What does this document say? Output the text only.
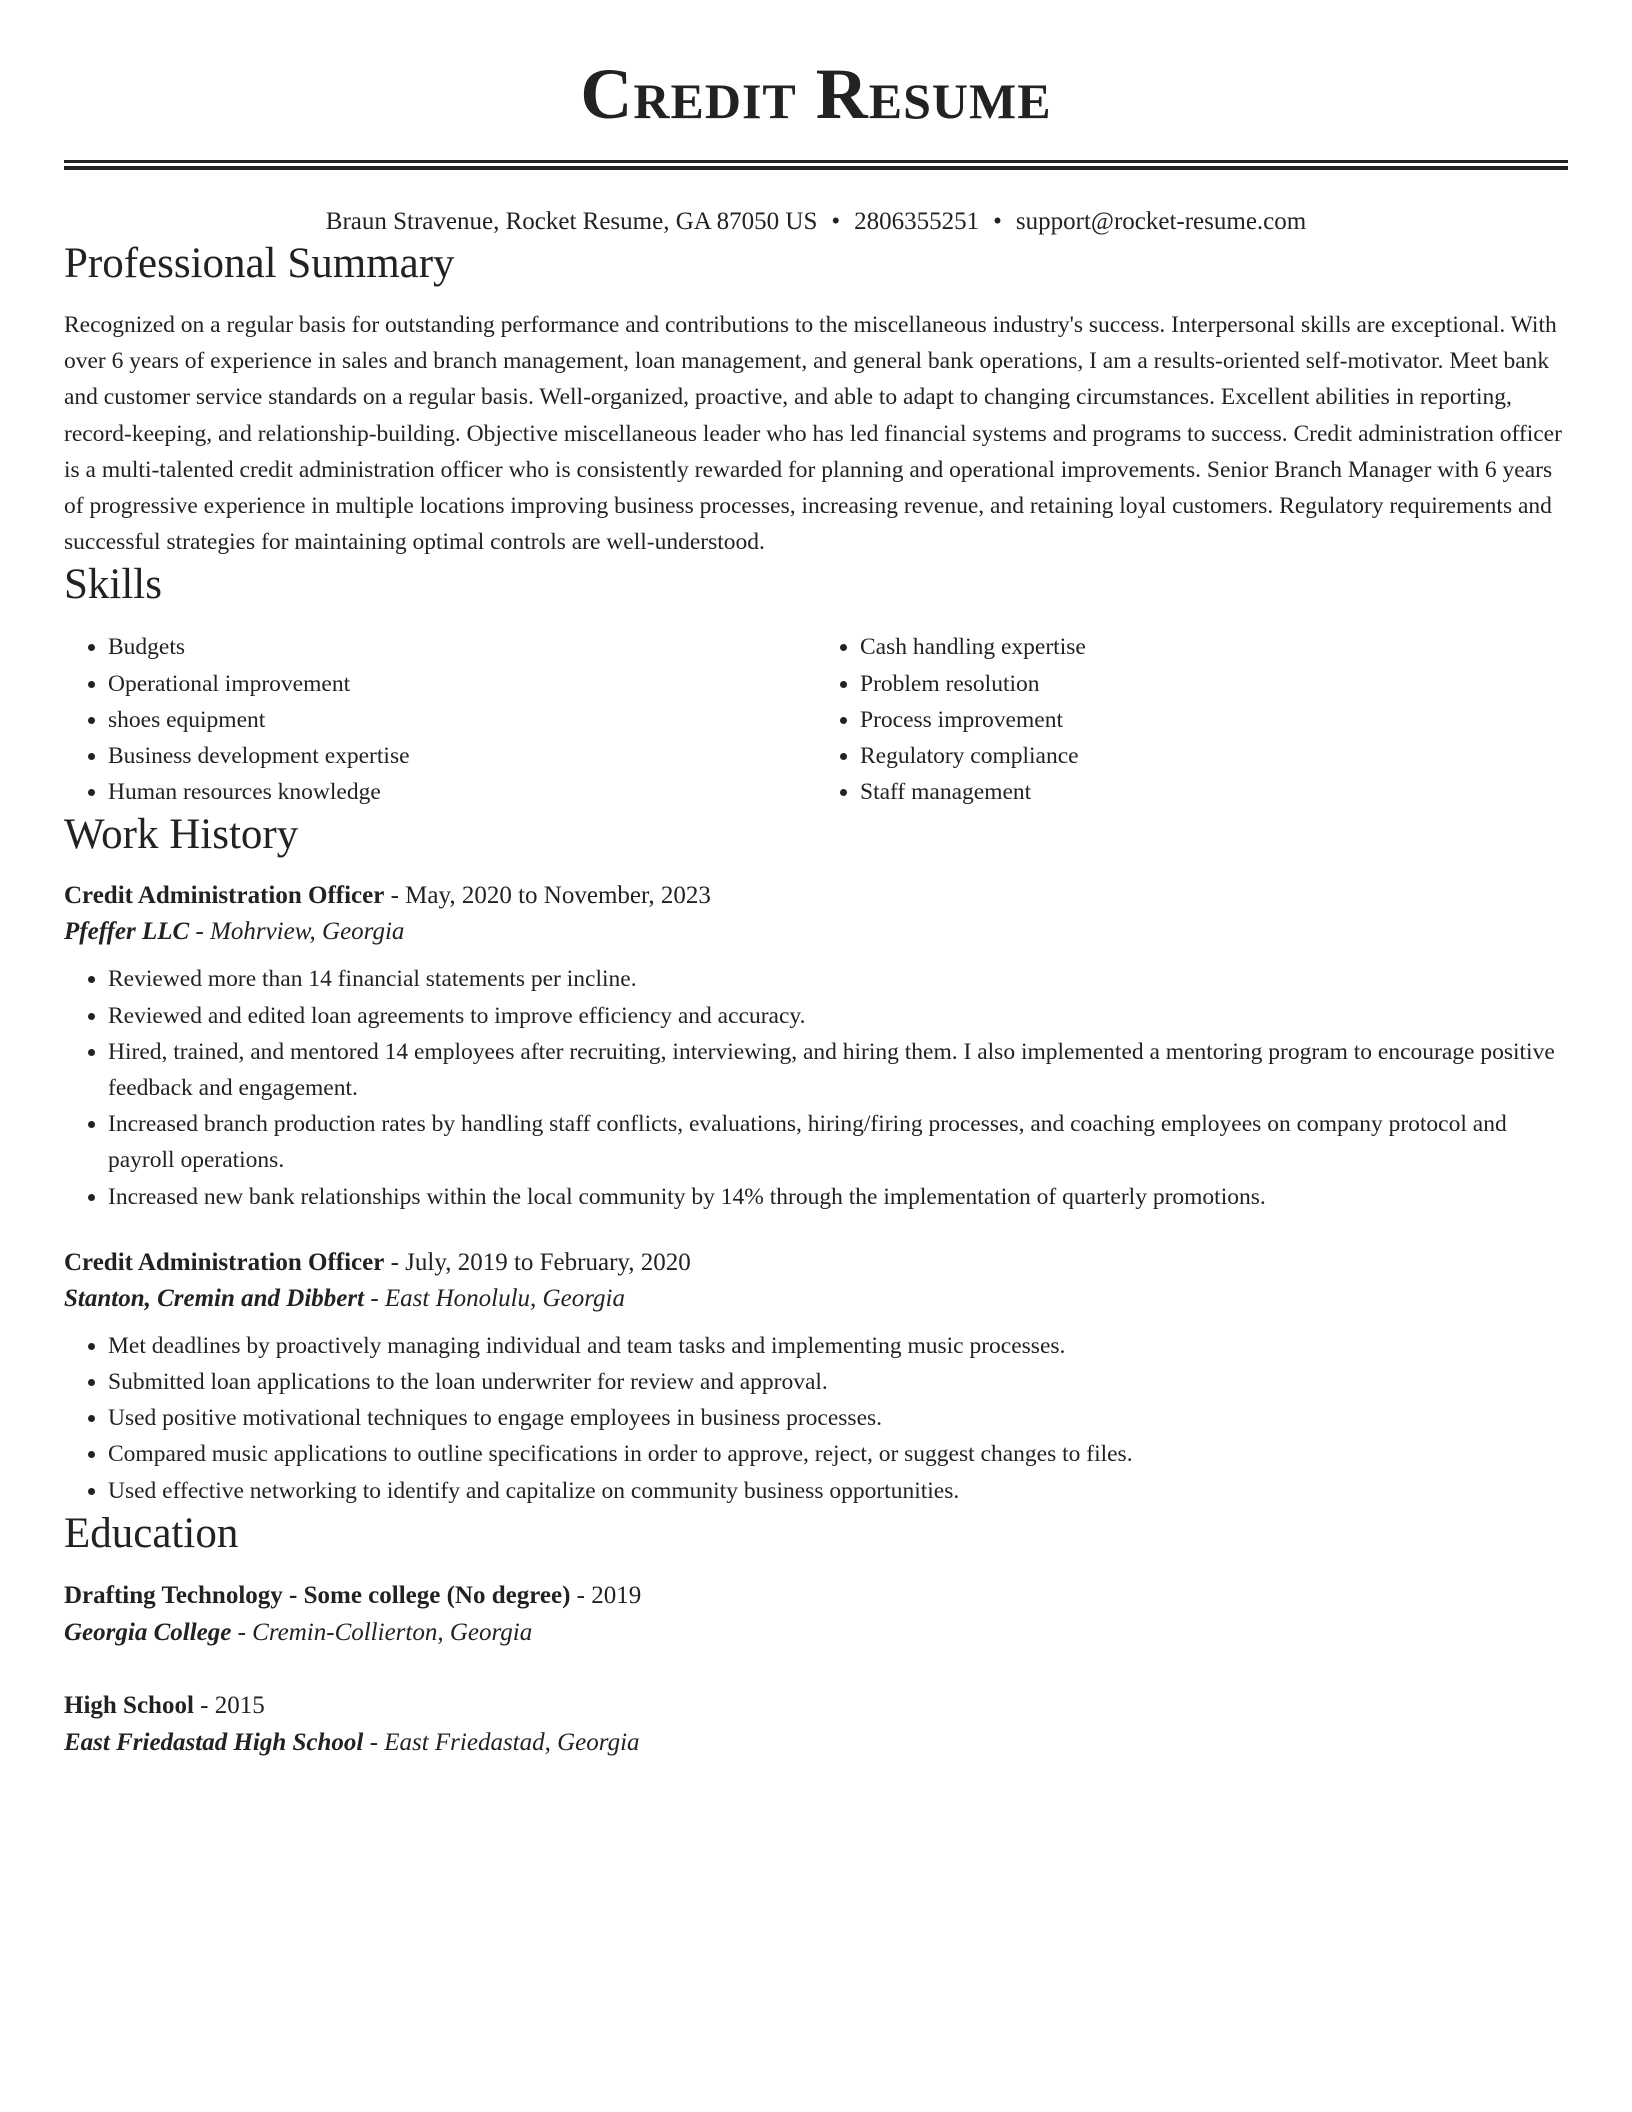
Credit Resume
Braun Stravenue, Rocket Resume, GA 87050 US • 2806355251 • support@rocket-resume.com
Professional Summary

Recognized on a regular basis for outstanding performance and contributions to the miscellaneous industry's success. Interpersonal skills are exceptional. With over 6 years of experience in sales and branch management, loan management, and general bank operations, I am a results-oriented self-motivator. Meet bank and customer service standards on a regular basis. Well-organized, proactive, and able to adapt to changing circumstances. Excellent abilities in reporting, record-keeping, and relationship-building. Objective miscellaneous leader who has led financial systems and programs to success. Credit administration officer is a multi-talented credit administration officer who is consistently rewarded for planning and operational improvements. Senior Branch Manager with 6 years of progressive experience in multiple locations improving business processes, increasing revenue, and retaining loyal customers. Regulatory requirements and successful strategies for maintaining optimal controls are well-understood.

Skills
• Budgets
• Operational improvement
• shoes equipment
• Business development expertise
• Human resources knowledge
• Cash handling expertise
• Problem resolution
• Process improvement
• Regulatory compliance
• Staff management
Work History
Credit Administration Officer - May, 2020 to November, 2023
Pfeffer LLC - Mohrview, Georgia
• Reviewed more than 14 financial statements per incline.
• Reviewed and edited loan agreements to improve efficiency and accuracy.
• Hired, trained, and mentored 14 employees after recruiting, interviewing, and hiring them. I also implemented a mentoring program to encourage positive feedback and engagement.
• Increased branch production rates by handling staff conflicts, evaluations, hiring/firing processes, and coaching employees on company protocol and payroll operations.
• Increased new bank relationships within the local community by 14% through the implementation of quarterly promotions.
Credit Administration Officer - July, 2019 to February, 2020
Stanton, Cremin and Dibbert - East Honolulu, Georgia
• Met deadlines by proactively managing individual and team tasks and implementing music processes.
• Submitted loan applications to the loan underwriter for review and approval.
• Used positive motivational techniques to engage employees in business processes.
• Compared music applications to outline specifications in order to approve, reject, or suggest changes to files.
• Used effective networking to identify and capitalize on community business opportunities.
Education
Drafting Technology - Some college (No degree) - 2019
Georgia College - Cremin-Collierton, Georgia
High School - 2015
East Friedastad High School - East Friedastad, Georgia
